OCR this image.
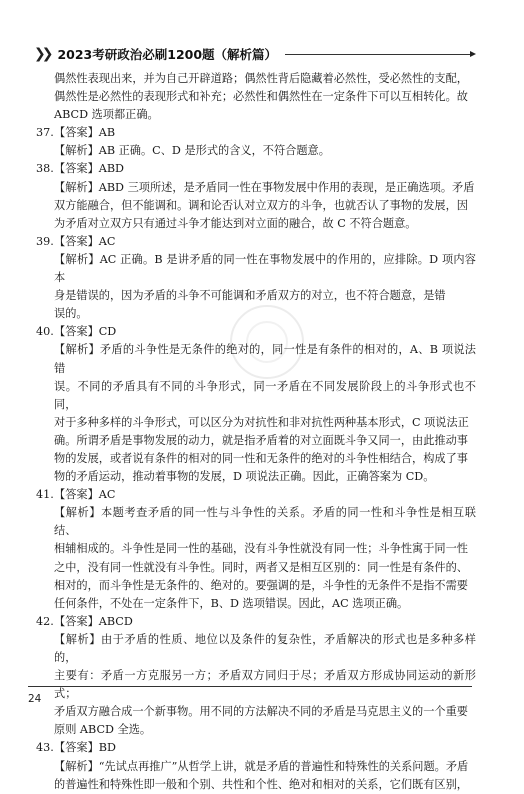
❯❯ 2023考研政治必刷1200题（解析篇）

偶然性表现出来，并为自己开辟道路；偶然性背后隐藏着必然性，受必然性的支配，

偶然性是必然性的表现形式和补充；必然性和偶然性在一定条件下可以互相转化。故

ABCD 选项都正确。

37.【答案】AB

【解析】AB 正确。C、D 是形式的含义，不符合题意。

38.【答案】ABD

【解析】ABD 三项所述，是矛盾同一性在事物发展中作用的表现，是正确选项。矛盾

双方能融合，但不能调和。调和论否认对立双方的斗争，也就否认了事物的发展，因

为矛盾对立双方只有通过斗争才能达到对立面的融合，故 C 不符合题意。

39.【答案】AC

【解析】AC 正确。B 是讲矛盾的同一性在事物发展中的作用的，应排除。D 项内容本

身是错误的，因为矛盾的斗争不可能调和矛盾双方的对立，也不符合题意，是错

误的。

40.【答案】CD

【解析】矛盾的斗争性是无条件的绝对的，同一性是有条件的相对的，A、B 项说法错

误。不同的矛盾具有不同的斗争形式，同一矛盾在不同发展阶段上的斗争形式也不同，

对于多种多样的斗争形式，可以区分为对抗性和非对抗性两种基本形式，C 项说法正

确。所谓矛盾是事物发展的动力，就是指矛盾着的对立面既斗争又同一，由此推动事

物的发展，或者说有条件的相对的同一性和无条件的绝对的斗争性相结合，构成了事

物的矛盾运动，推动着事物的发展，D 项说法正确。因此，正确答案为 CD。

41.【答案】AC

【解析】本题考查矛盾的同一性与斗争性的关系。矛盾的同一性和斗争性是相互联结、

相辅相成的。斗争性是同一性的基础，没有斗争性就没有同一性；斗争性寓于同一性

之中，没有同一性就没有斗争性。同时，两者又是相互区别的：同一性是有条件的、

相对的，而斗争性是无条件的、绝对的。要强调的是，斗争性的无条件不是指不需要

任何条件，不处在一定条件下，B、D 选项错误。因此，AC 选项正确。

42.【答案】ABCD

【解析】由于矛盾的性质、地位以及条件的复杂性，矛盾解决的形式也是多种多样的，

主要有：矛盾一方克服另一方；矛盾双方同归于尽；矛盾双方形成协同运动的新形式；

矛盾双方融合成一个新事物。用不同的方法解决不同的矛盾是马克思主义的一个重要

原则 ABCD 全选。

43.【答案】BD

【解析】“先试点再推广”从哲学上讲，就是矛盾的普遍性和特殊性的关系问题。矛盾

的普遍性和特殊性即一般和个别、共性和个性、绝对和相对的关系，它们既有区别，

24
